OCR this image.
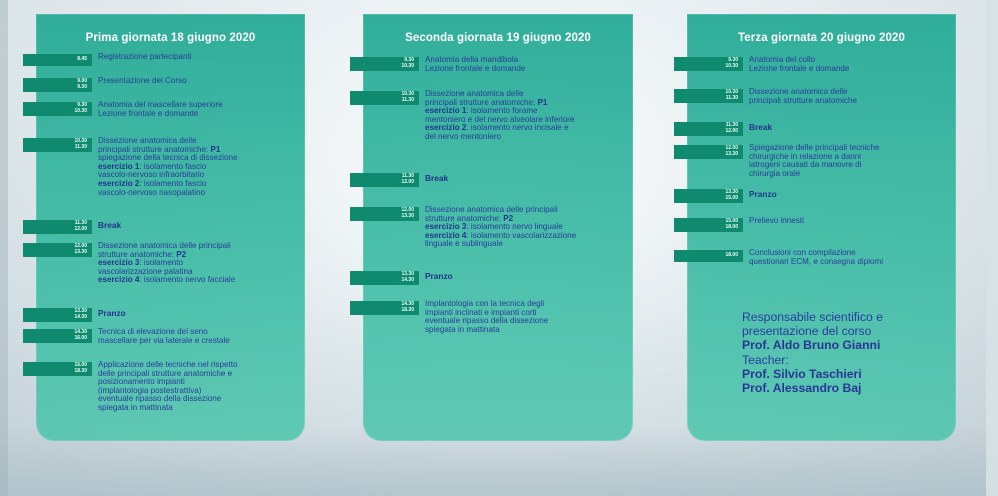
Prima giornata 18 giugno 2020
8.45 Registrazione partecipanti

9.00
9.30

Presentazione del Corso

9.30
10.30

Anatomia del mascellare superiore

Lezione frontale e domande

10.30
11.30

Dissezione anatomica delle

principali strutture anatomiche: P1

spiegazione della tecnica di dissezione

esercizio 1: isolamento fascio

vascolo-nervoso infraorbitario

esercizio 2: isolamento fascio

vascolo-nervoso nasopalatino

11.30
12.00 Break
12.00
13.30

Dissezione anatomica delle principali

strutture anatomiche: P2

esercizio 3: isolamento

vascolarizzazione palatina

esercizio 4: isolamento nervo facciale

13.30
14.30 Pranzo
14.30
16.00

Tecnica di elevazione del seno

mascellare per via laterale e crestale

16.00
18.30

Applicazione delle tecniche nel rispetto

delle principali strutture anatomiche e

posizionamento impianti

(implantologia postestrattiva)

eventuale ripasso della dissezione

spiegata in mattinata

Seconda giornata 19 giugno 2020
9.30
10.30

Anatomia della mandibola

Lezione frontale e domande

10.30
11.30

Dissezione anatomica delle

principali strutture anatomiche: P1

esercizio 1: isolamento forame

mentoniero e del nervo alveolare inferiore

esercizio 2: isolamento nervo incisale e

del nervo mentoniero

11.30
12.00 Break
12.00
13.30

Dissezione anatomica delle principali

strutture anatomiche: P2

esercizio 3: isolamento nervo linguale

esercizio 4: isolamento vascolarizzazione

linguale e sublinguale

13.30
14.30 Pranzo
14.30
18.30

Implantologia con la tecnica degli

impianti inclinati e impianti corti

eventuale ripasso della dissezione

spiegata in mattinata

Terza giornata 20 giugno 2020
Responsabile scientifico e
presentazione del corso
Prof. Aldo Bruno Gianni
Teacher:
Prof. Silvio Taschieri
Prof. Alessandro Baj
9.30
10.30

Anatomia del collo

Lezione frontale e domande

10.30
11.30

Dissezione anatomica delle

principali strutture anatomiche

11.30
12.00 Break
12.00
13.30

Spiegazione delle principali tecniche

chirurgiche in relazione a danni

iatrogeni causati da manovre di

chirurgia orale

13.30
15.00 Pranzo
15.00
18.00

Prelievo innesti

18.00 Conclusioni con compilazione

questionari ECM, e consegna diplomi
